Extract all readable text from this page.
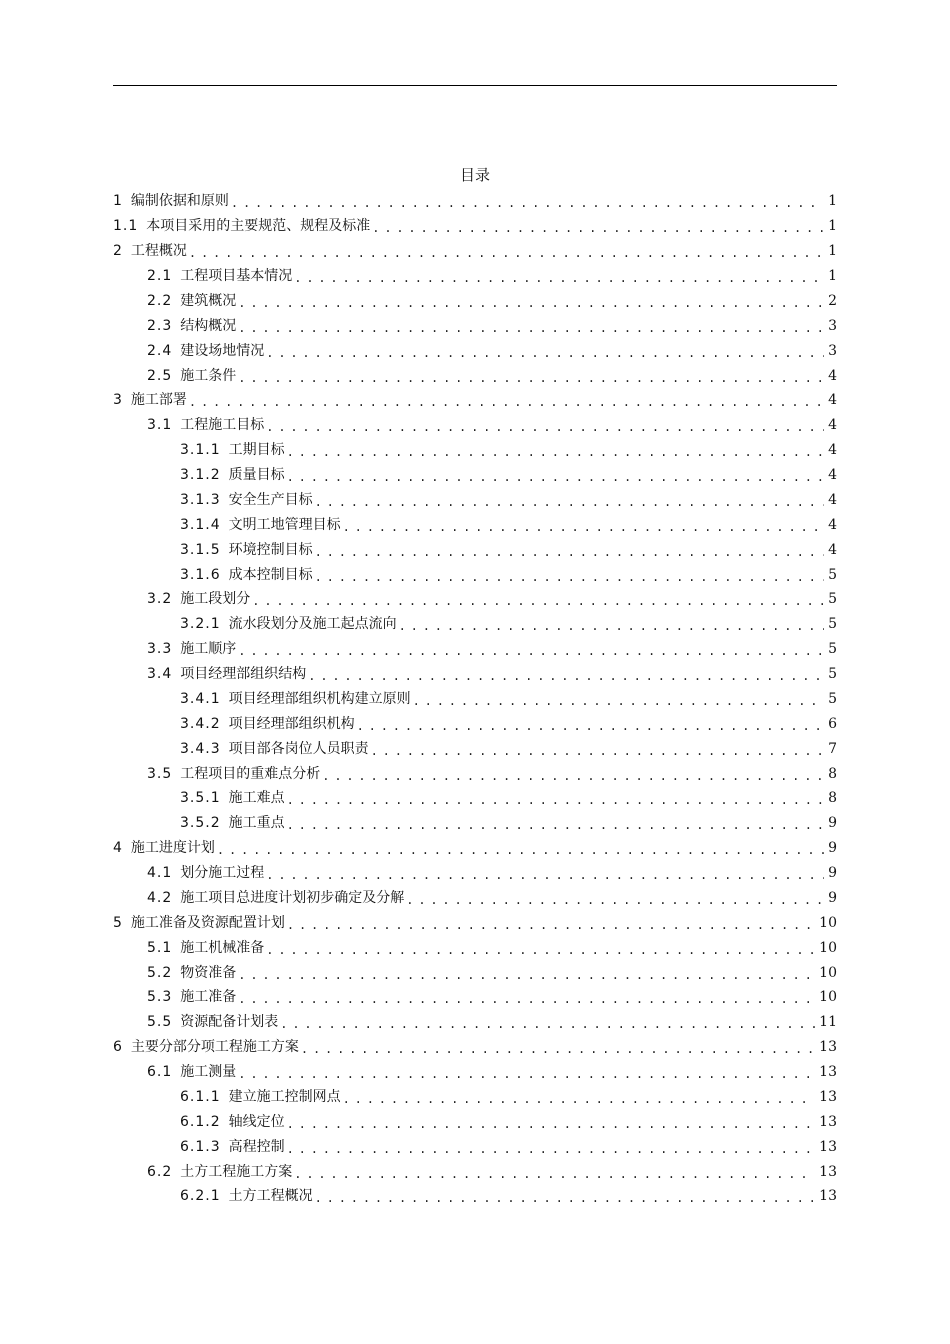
目录
1 编制依据和原则 . . .	1
1.1 本项目采用的主要规范、规程及标准 . . .	1
2 工程概况 . . .	1
2.1 工程项目基本情况 . . .	1
2.2 建筑概况 . . .	2
2.3 结构概况 . . .	3
2.4 建设场地情况 . . .	3
2.5 施工条件 . . .	4
3 施工部署 . . .	4
3.1 工程施工目标 . . .	4
3.1.1 工期目标 . . .	4
3.1.2 质量目标 . . .	4
3.1.3 安全生产目标 . . .	4
3.1.4 文明工地管理目标 . . .	4
3.1.5 环境控制目标 . . .	4
3.1.6 成本控制目标 . . .	5
3.2 施工段划分 . . .	5
3.2.1 流水段划分及施工起点流向 . . .	5
3.3 施工顺序 . . .	5
3.4 项目经理部组织结构 . . .	5
3.4.1 项目经理部组织机构建立原则 . . .	5
3.4.2 项目经理部组织机构 . . .	6
3.4.3 项目部各岗位人员职责 . . .	7
3.5 工程项目的重难点分析 . . .	8
3.5.1 施工难点 . . .	8
3.5.2 施工重点 . . .	9
4 施工进度计划 . . .	9
4.1 划分施工过程 . . .	9
4.2 施工项目总进度计划初步确定及分解 . . .	9
5 施工准备及资源配置计划 . . .	10
5.1 施工机械准备 . . .	10
5.2 物资准备 . . .	10
5.3 施工准备 . . .	10
5.5 资源配备计划表 . . .	11
6 主要分部分项工程施工方案 . . .	13
6.1 施工测量 . . .	13
6.1.1 建立施工控制网点 . . .	13
6.1.2 轴线定位 . . .	13
6.1.3 高程控制 . . .	13
6.2 土方工程施工方案 . . .	13
6.2.1 土方工程概况 . . .	13
